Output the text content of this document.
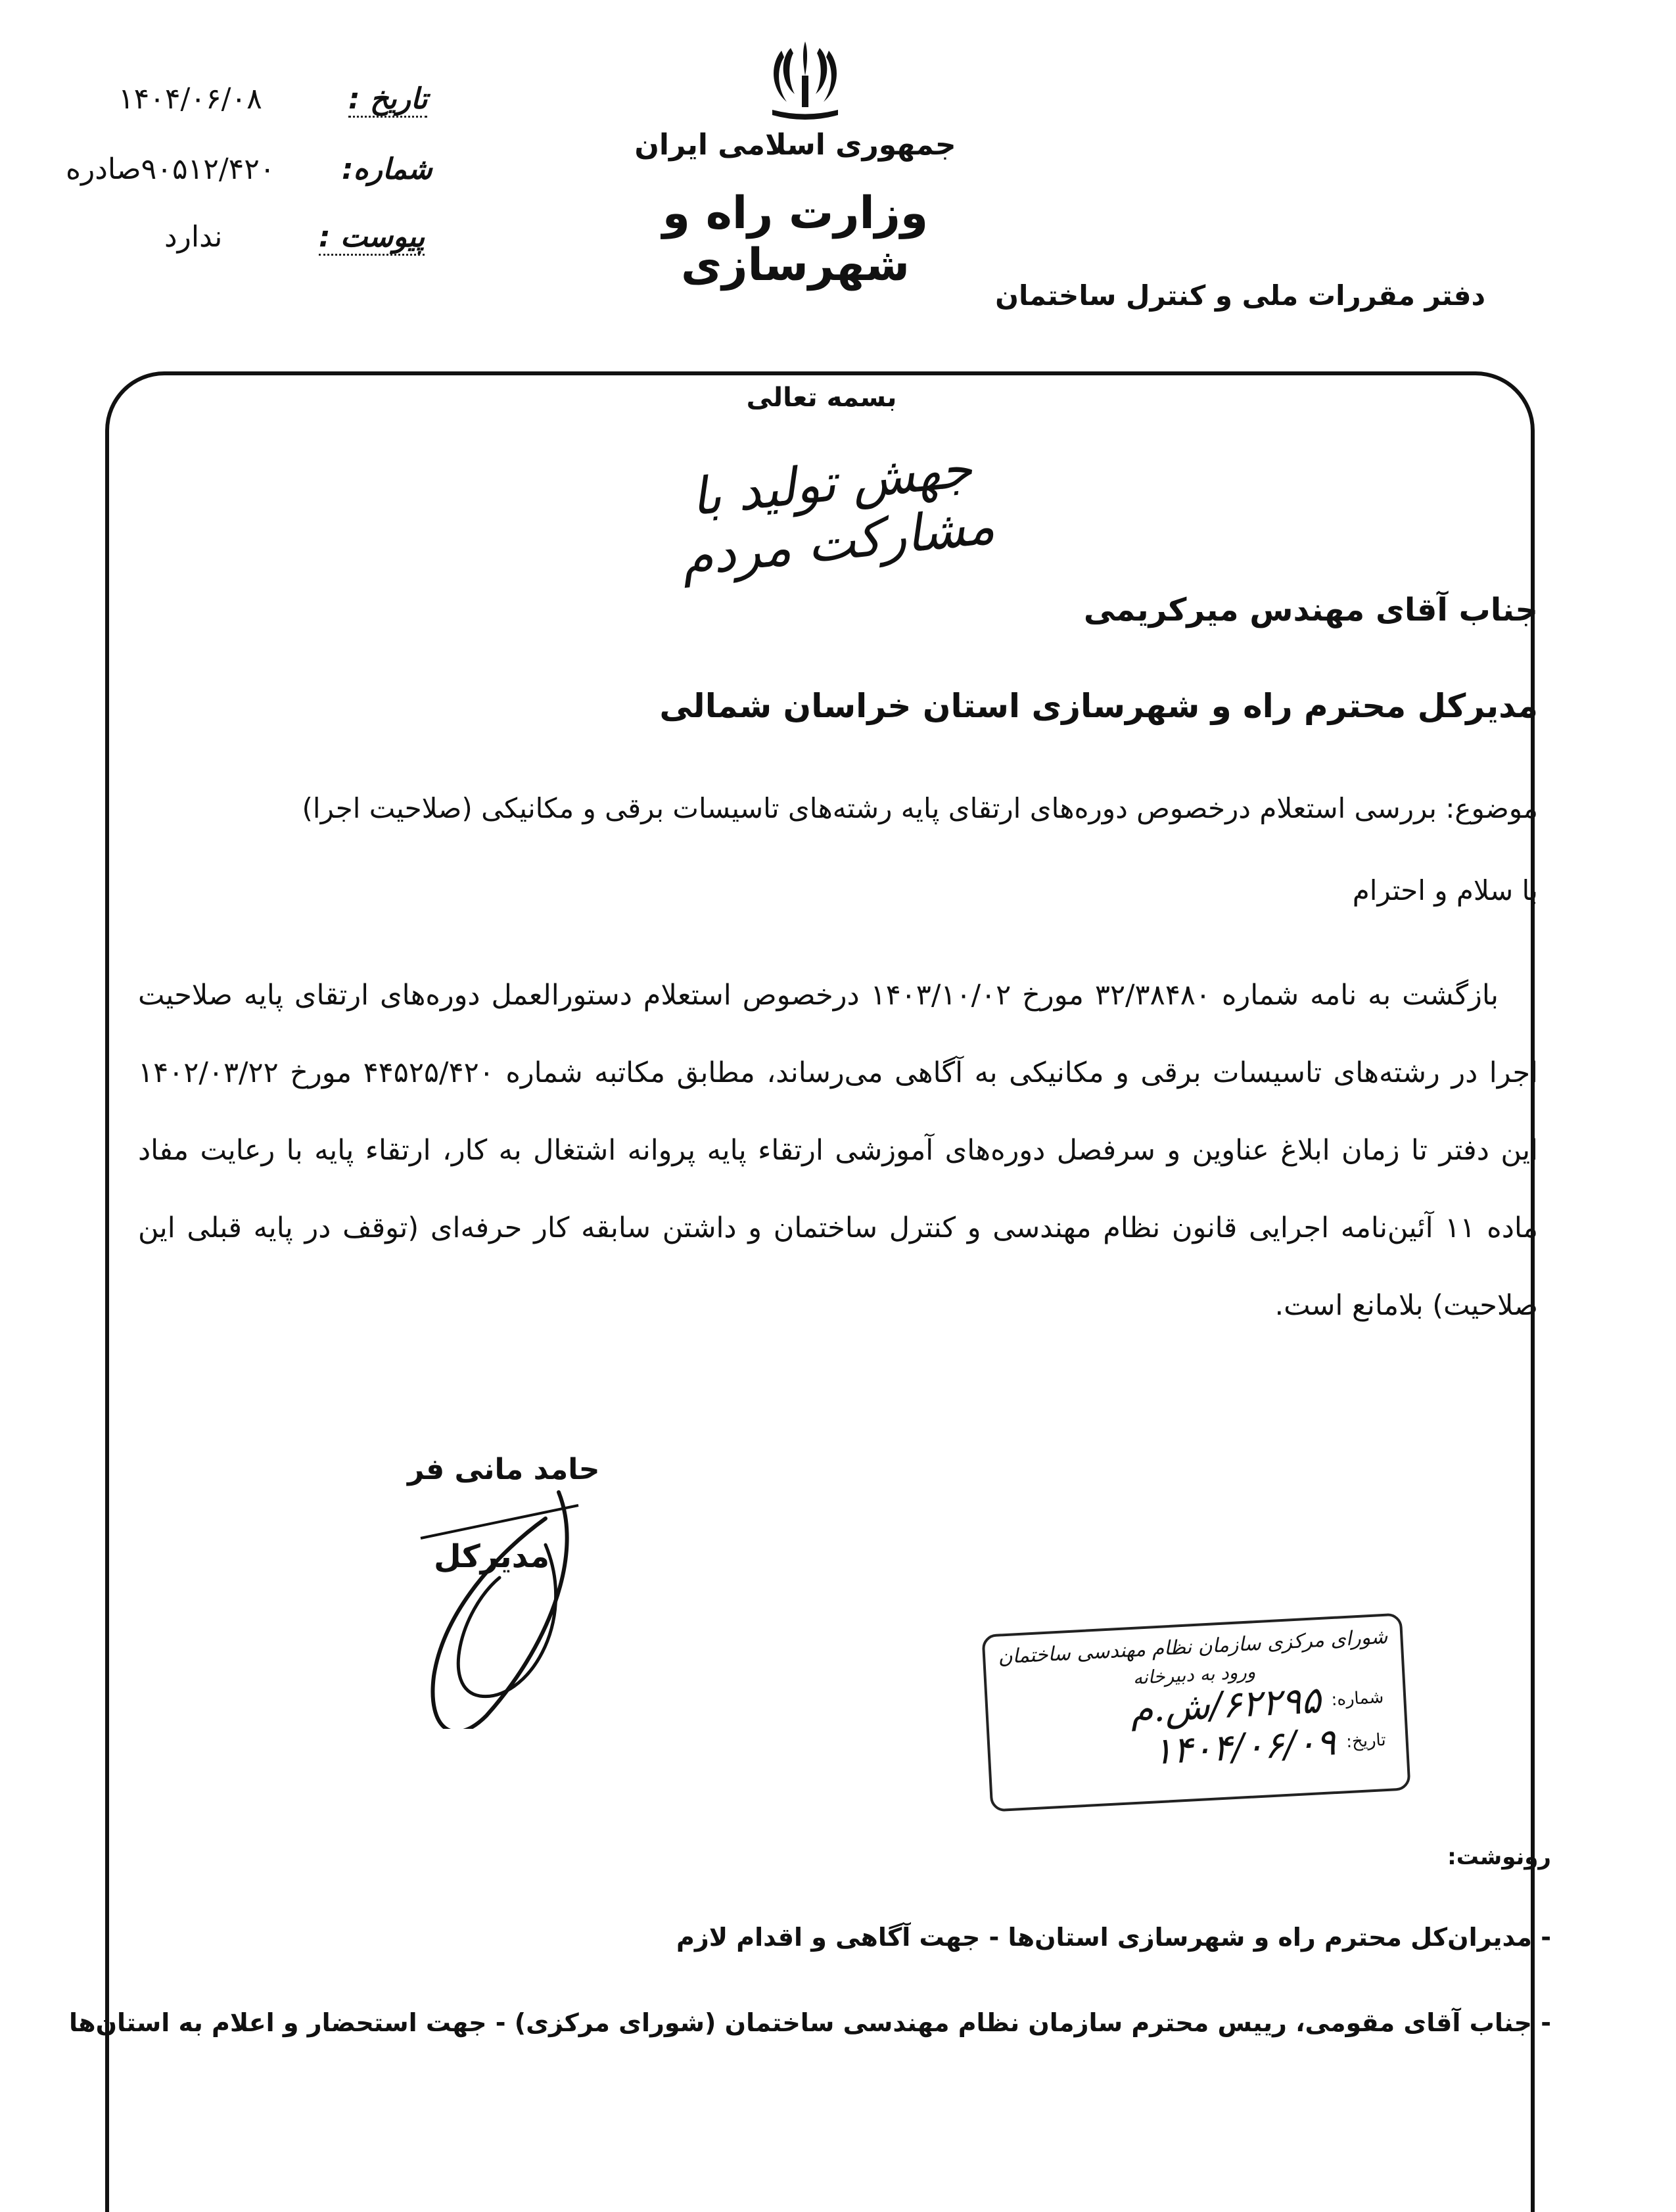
تاریخ :
۱۴۰۴/۰۶/۰۸
شماره:
۹۰۵۱۲/۴۲۰صادره
پیوست :
ندارد
جمهوری اسلامی ایران
وزارت راه و شهرسازی
دفتر مقررات ملی و کنترل ساختمان
بسمه تعالی
جهش تولید با مشارکت مردم
جناب آقای مهندس میرکریمی
مدیرکل محترم راه و شهرسازی استان خراسان شمالی
موضوع: بررسی استعلام درخصوص دوره‌های ارتقای پایه رشته‌های تاسیسات برقی و مکانیکی (صلاحیت اجرا)
با سلام و احترام
بازگشت به نامه شماره ۳۲/۳۸۴۸۰ مورخ ۱۴۰۳/۱۰/۰۲ درخصوص استعلام دستورالعمل دوره‌های ارتقای پایه صلاحیت اجرا در رشته‌های تاسیسات برقی و مکانیکی به آگاهی می‌رساند، مطابق مکاتبه شماره ۴۴۵۲۵/۴۲۰ مورخ ۱۴۰۲/۰۳/۲۲ این دفتر تا زمان ابلاغ عناوین و سرفصل دوره‌های آموزشی ارتقاء پایه پروانه اشتغال به کار، ارتقاء پایه با رعایت مفاد ماده ۱۱ آئین‌نامه اجرایی قانون نظام مهندسی و کنترل ساختمان و داشتن سابقه کار حرفه‌ای (توقف در پایه قبلی این صلاحیت) بلامانع است.
حامد مانی فر
مدیرکل
شورای مرکزی سازمان نظام مهندسی ساختمان
ورود به دبیرخانه
شماره:
۶۲۲۹۵/ش.م
تاریخ:
۱۴۰۴/۰۶/۰۹
رونوشت:
- مدیران‌کل محترم راه و شهرسازی استان‌ها - جهت آگاهی و اقدام لازم
- جناب آقای مقومی، رییس محترم سازمان نظام مهندسی ساختمان (شورای مرکزی) - جهت استحضار و اعلام به استان‌ها
